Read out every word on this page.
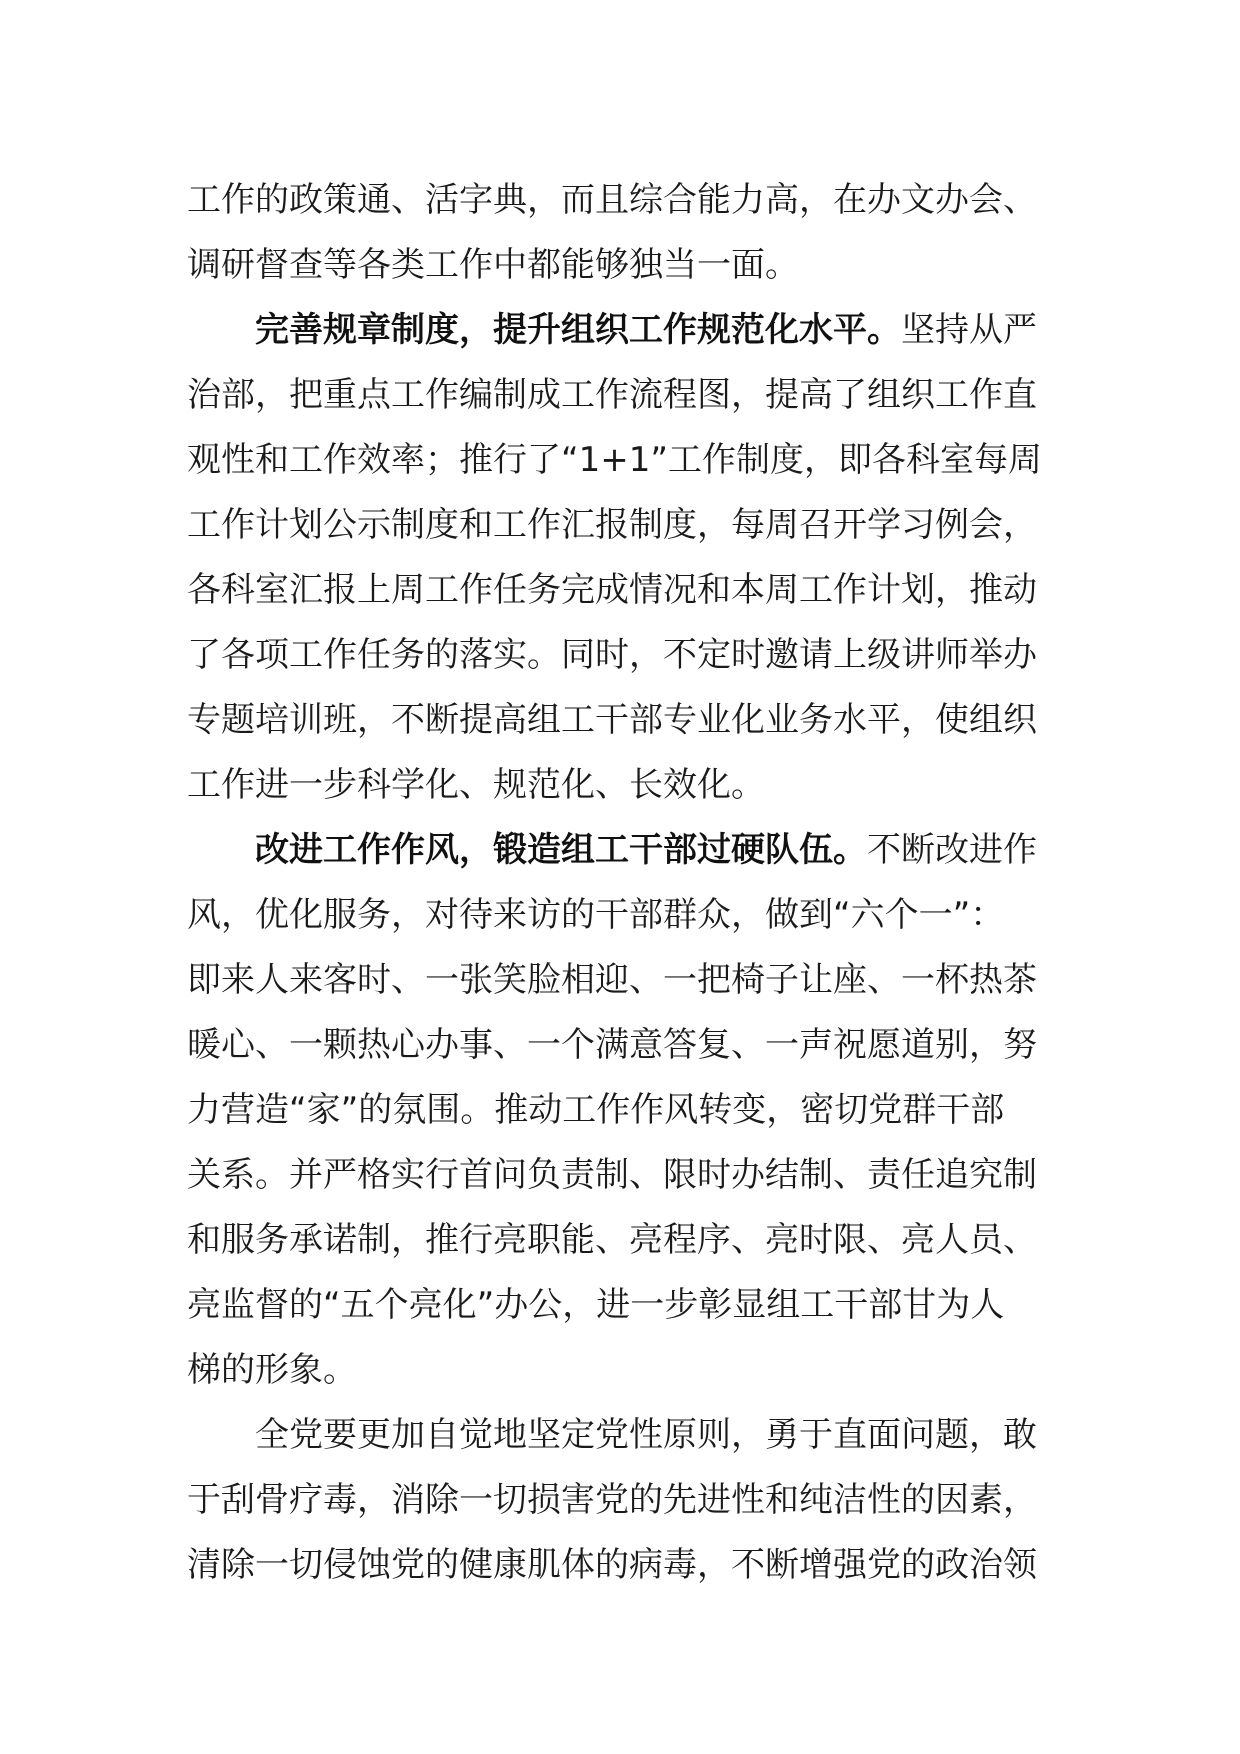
工作的政策通、活字典，而且综合能力高，在办文办会、
调研督查等各类工作中都能够独当一面。
完善规章制度，提升组织工作规范化水平。坚持从严
治部，把重点工作编制成工作流程图，提高了组织工作直
观性和工作效率；推行了“1+1”工作制度，即各科室每周
工作计划公示制度和工作汇报制度，每周召开学习例会，
各科室汇报上周工作任务完成情况和本周工作计划，推动
了各项工作任务的落实。同时，不定时邀请上级讲师举办
专题培训班，不断提高组工干部专业化业务水平，使组织
工作进一步科学化、规范化、长效化。
改进工作作风，锻造组工干部过硬队伍。不断改进作
风，优化服务，对待来访的干部群众，做到“六个一”：
即来人来客时、一张笑脸相迎、一把椅子让座、一杯热茶
暖心、一颗热心办事、一个满意答复、一声祝愿道别，努
力营造“家”的氛围。推动工作作风转变，密切党群干部
关系。并严格实行首问负责制、限时办结制、责任追究制
和服务承诺制，推行亮职能、亮程序、亮时限、亮人员、
亮监督的“五个亮化”办公，进一步彰显组工干部甘为人
梯的形象。
全党要更加自觉地坚定党性原则，勇于直面问题，敢
于刮骨疗毒，消除一切损害党的先进性和纯洁性的因素，
清除一切侵蚀党的健康肌体的病毒，不断增强党的政治领
